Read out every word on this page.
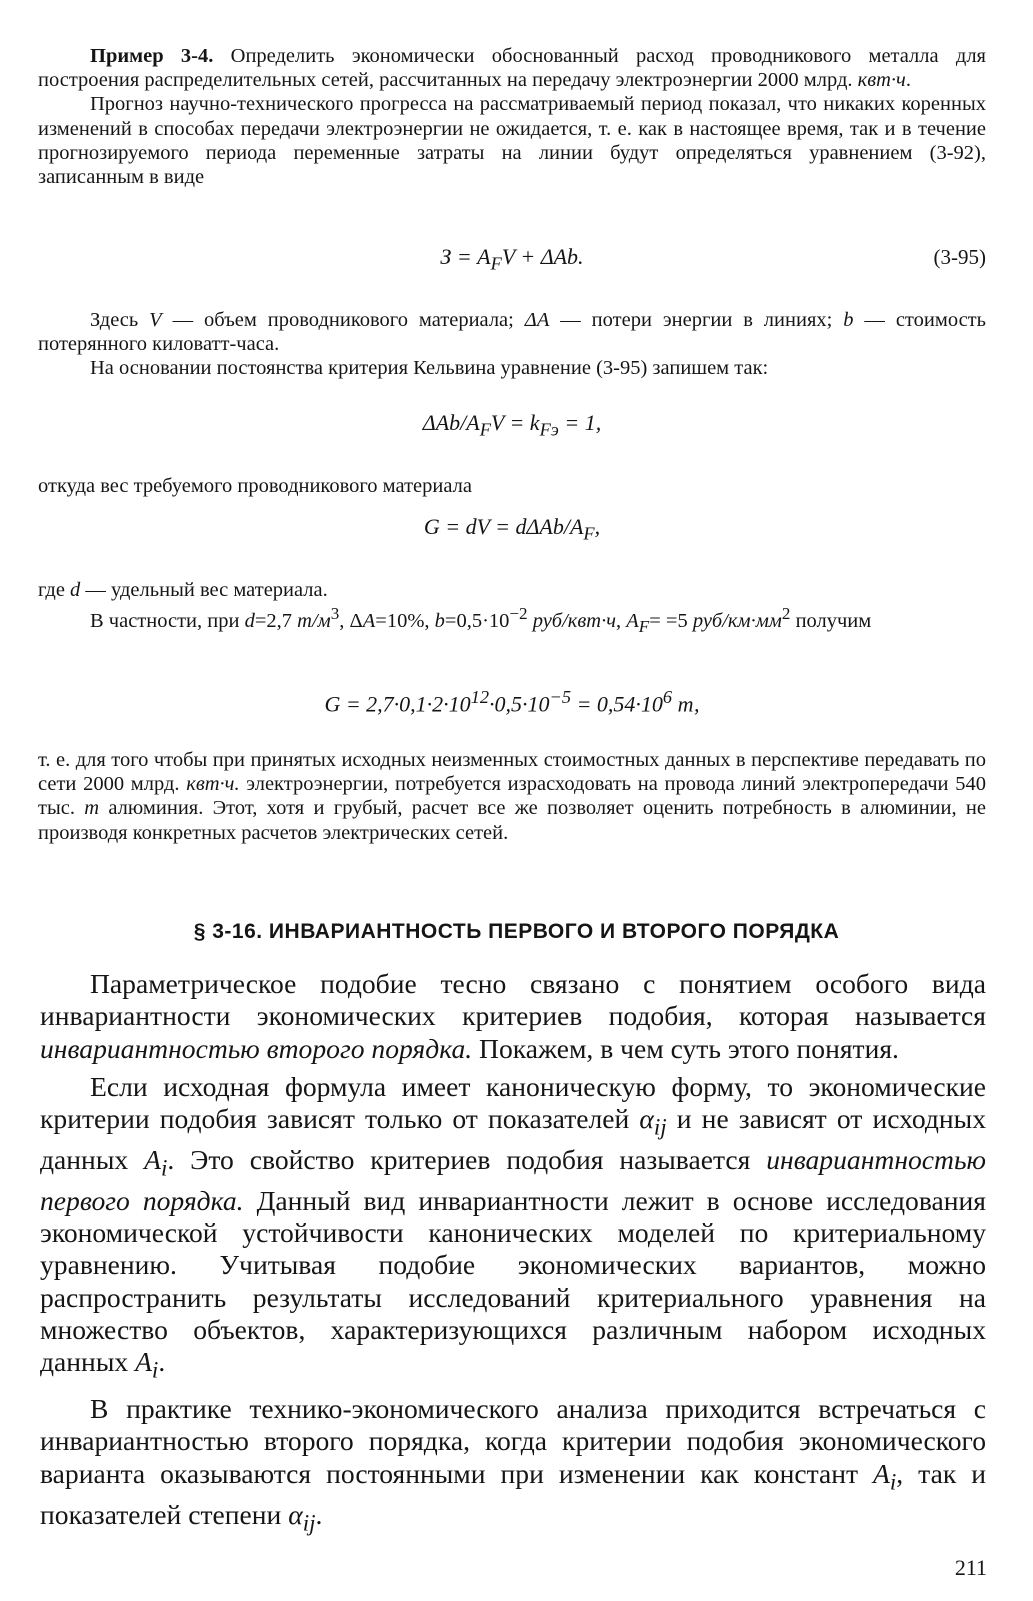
Пример 3-4. Определить экономически обоснованный расход проводникового металла для построения распределительных сетей, рассчитанных на передачу электроэнергии 2000 млрд. квт·ч.

Прогноз научно-технического прогресса на рассматриваемый период показал, что никаких коренных изменений в способах передачи электроэнергии не ожидается, т. е. как в настоящее время, так и в течение прогнозируемого периода переменные затраты на линии будут определяться уравнением (3-92), записанным в виде

$З = A_FV + \Delta Ab$.	(3-95)

Здесь V — объем проводникового материала; ΔA — потери энергии в линиях; b — стоимость потерянного киловатт-часа.

На основании постоянства критерия Кельвина уравнение (3-95) запишем так:

ΔAb/$A_FV = k_{Fэ} = 1$,

откуда вес требуемого проводникового материала

G = dV = dΔAb/$A_F$,

где d — удельный вес материала.

В частности, при d=2,7 $т/м^3$, ΔA=10%, $b=0,5\cdot 10^{-2}$ руб/квт·ч, $A_F= =5$ руб/$км\cdot мм^2$ получим

$G = 2,7\cdot 0,1\cdot 2\cdot 10^{12}\cdot 0,5\cdot 10^{-5} = 0,54\cdot 10^6$ т,

т. е. для того чтобы при принятых исходных неизменных стоимостных данных в перспективе передавать по сети 2000 млрд. квт·ч. электроэнергии, потребуется израсходовать на провода линий электропередачи 540 тыс. т алюминия. Этот, хотя и грубый, расчет все же позволяет оценить потребность в алюминии, не производя конкретных расчетов электрических сетей.

§ 3-16. ИНВАРИАНТНОСТЬ ПЕРВОГО И ВТОРОГО ПОРЯДКА

Параметрическое подобие тесно связано с понятием особого вида инвариантности экономических критериев подобия, которая называется инвариантностью второго порядка. Покажем, в чем суть этого понятия.

Если исходная формула имеет каноническую форму, то экономические критерии подобия зависят только от показателей $\alpha_{ij}$ и не зависят от исходных данных $A_i$. Это свойство критериев подобия называется инвариантностью первого порядка. Данный вид инвариантности лежит в основе исследования экономической устойчивости канонических моделей по критериальному уравнению. Учитывая подобие экономических вариантов, можно распространить результаты исследований критериального уравнения на множество объектов, характеризующихся различным набором исходных данных $A_i$.

В практике технико-экономического анализа приходится встречаться с инвариантностью второго порядка, когда критерии подобия экономического варианта оказываются постоянными при изменении как констант $A_i$, так и показателей степени $\alpha_{ij}$.

211
